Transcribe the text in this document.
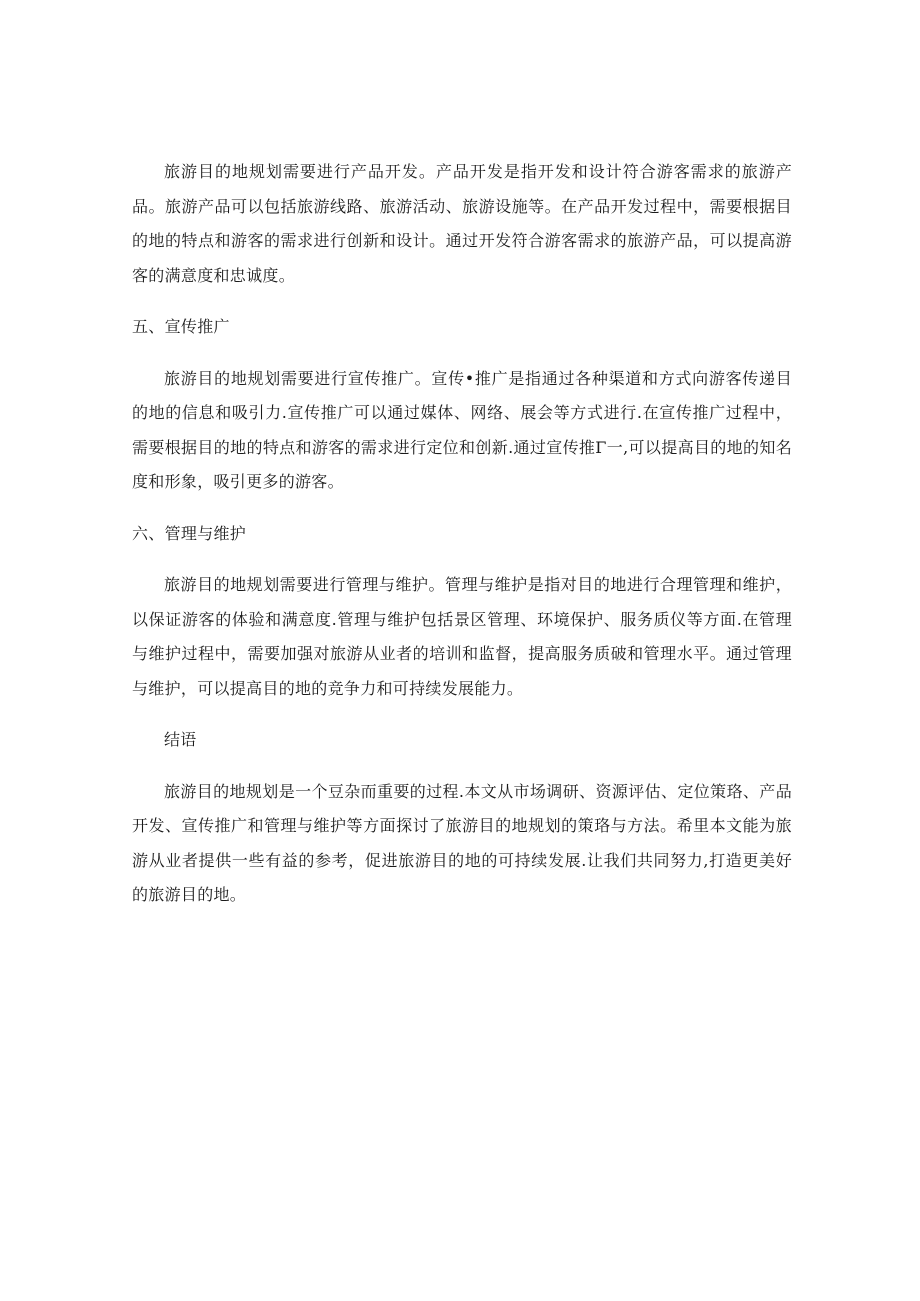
旅游目的地规划需要进行产品开发。产品开发是指开发和设计符合游客需求的旅游产品。旅游产品可以包括旅游线路、旅游活动、旅游设施等。在产品开发过程中，需要根据目的地的特点和游客的需求进行创新和设计。通过开发符合游客需求的旅游产品，可以提高游客的满意度和忠诚度。

五、宣传推广

旅游目的地规划需要进行宣传推广。宣传•推广是指通过各种渠道和方式向游客传递目的地的信息和吸引力.宣传推广可以通过媒体、网络、展会等方式进行.在宣传推广过程中，需要根据目的地的特点和游客的需求进行定位和创新.通过宣传推Γ一,可以提高目的地的知名度和形象，吸引更多的游客。

六、管理与维护

旅游目的地规划需要进行管理与维护。管理与维护是指对目的地进行合理管理和维护，以保证游客的体验和满意度.管理与维护包括景区管理、环境保护、服务质仪等方面.在管理与维护过程中，需要加强对旅游从业者的培训和监督，提高服务质破和管理水平。通过管理与维护，可以提高目的地的竞争力和可持续发展能力。

结语

旅游目的地规划是一个豆杂而重要的过程.本文从市场调研、资源评估、定位策珞、产品开发、宣传推广和管理与维护等方面探讨了旅游目的地规划的策珞与方法。希里本文能为旅游从业者提供一些有益的参考，促进旅游目的地的可持续发展.让我们共同努力,打造更美好的旅游目的地。
